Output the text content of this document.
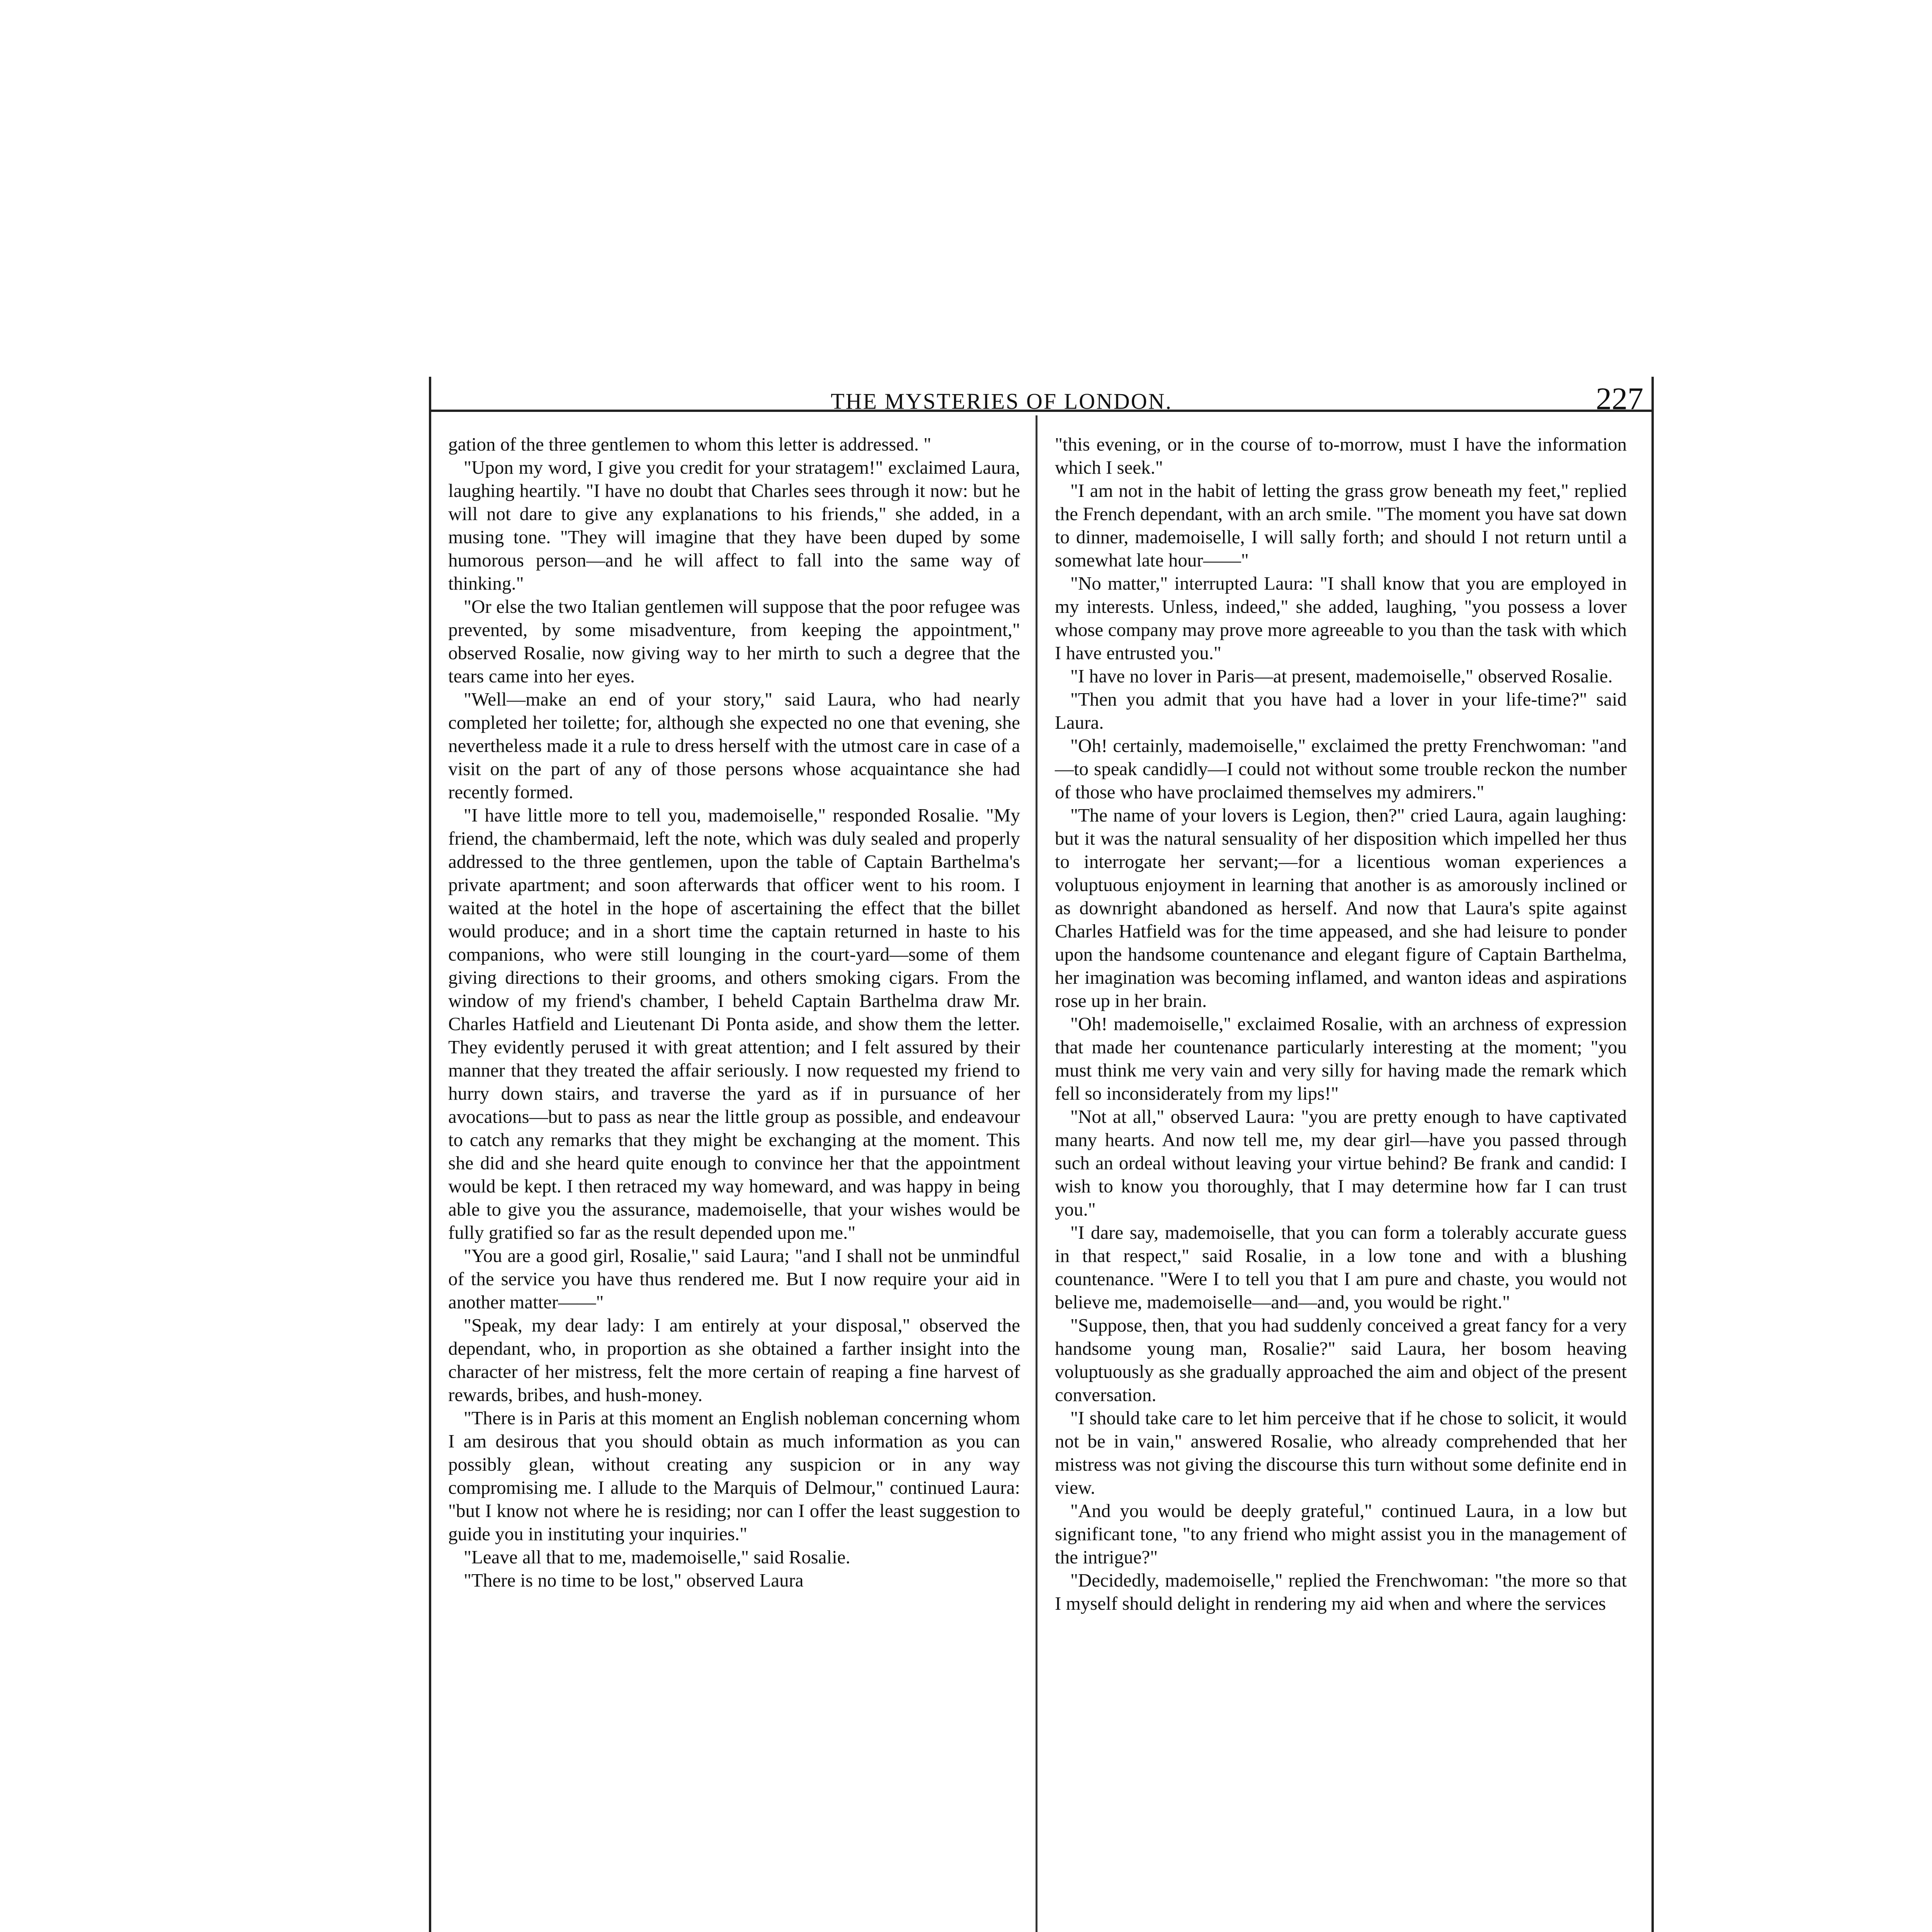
THE MYSTERIES OF LONDON.	227

gation of the three gentlemen to whom this letter is addressed. "

"Upon my word, I give you credit for your stratagem!" exclaimed Laura, laughing heartily. "I have no doubt that Charles sees through it now: but he will not dare to give any explanations to his friends," she added, in a musing tone. "They will imagine that they have been duped by some humorous person—and he will affect to fall into the same way of thinking."

"Or else the two Italian gentlemen will suppose that the poor refugee was prevented, by some misadventure, from keeping the appointment," observed Rosalie, now giving way to her mirth to such a degree that the tears came into her eyes.

"Well—make an end of your story," said Laura, who had nearly completed her toilette; for, although she expected no one that evening, she nevertheless made it a rule to dress herself with the utmost care in case of a visit on the part of any of those persons whose acquaintance she had recently formed.

"I have little more to tell you, mademoiselle," responded Rosalie. "My friend, the chambermaid, left the note, which was duly sealed and properly addressed to the three gentlemen, upon the table of Captain Barthelma's private apartment; and soon afterwards that officer went to his room. I waited at the hotel in the hope of ascertaining the effect that the billet would produce; and in a short time the captain returned in haste to his companions, who were still lounging in the court-yard—some of them giving directions to their grooms, and others smoking cigars. From the window of my friend's chamber, I beheld Captain Barthelma draw Mr. Charles Hatfield and Lieutenant Di Ponta aside, and show them the letter. They evidently perused it with great attention; and I felt assured by their manner that they treated the affair seriously. I now requested my friend to hurry down stairs, and traverse the yard as if in pursuance of her avocations—but to pass as near the little group as possible, and endeavour to catch any remarks that they might be exchanging at the moment. This she did and she heard quite enough to convince her that the appointment would be kept. I then retraced my way homeward, and was happy in being able to give you the assurance, mademoiselle, that your wishes would be fully gratified so far as the result depended upon me."

"You are a good girl, Rosalie," said Laura; "and I shall not be unmindful of the service you have thus rendered me. But I now require your aid in another matter——"

"Speak, my dear lady: I am entirely at your disposal," observed the dependant, who, in proportion as she obtained a farther insight into the character of her mistress, felt the more certain of reaping a fine harvest of rewards, bribes, and hush-money.

"There is in Paris at this moment an English nobleman concerning whom I am desirous that you should obtain as much information as you can possibly glean, without creating any suspicion or in any way compromising me. I allude to the Marquis of Delmour," continued Laura: "but I know not where he is residing; nor can I offer the least suggestion to guide you in instituting your inquiries."

"Leave all that to me, mademoiselle," said Rosalie.

"There is no time to be lost," observed Laura

"this evening, or in the course of to-morrow, must I have the information which I seek."

"I am not in the habit of letting the grass grow beneath my feet," replied the French dependant, with an arch smile. "The moment you have sat down to dinner, mademoiselle, I will sally forth; and should I not return until a somewhat late hour——"

"No matter," interrupted Laura: "I shall know that you are employed in my interests. Unless, indeed," she added, laughing, "you possess a lover whose company may prove more agreeable to you than the task with which I have entrusted you."

"I have no lover in Paris—at present, mademoiselle," observed Rosalie.

"Then you admit that you have had a lover in your life-time?" said Laura.

"Oh! certainly, mademoiselle," exclaimed the pretty Frenchwoman: "and—to speak candidly—I could not without some trouble reckon the number of those who have proclaimed themselves my admirers."

"The name of your lovers is Legion, then?" cried Laura, again laughing: but it was the natural sensuality of her disposition which impelled her thus to interrogate her servant;—for a licentious woman experiences a voluptuous enjoyment in learning that another is as amorously inclined or as downright abandoned as herself. And now that Laura's spite against Charles Hatfield was for the time appeased, and she had leisure to ponder upon the handsome countenance and elegant figure of Captain Barthelma, her imagination was becoming inflamed, and wanton ideas and aspirations rose up in her brain.

"Oh! mademoiselle," exclaimed Rosalie, with an archness of expression that made her countenance particularly interesting at the moment; "you must think me very vain and very silly for having made the remark which fell so inconsiderately from my lips!"

"Not at all," observed Laura: "you are pretty enough to have captivated many hearts. And now tell me, my dear girl—have you passed through such an ordeal without leaving your virtue behind? Be frank and candid: I wish to know you thoroughly, that I may determine how far I can trust you."

"I dare say, mademoiselle, that you can form a tolerably accurate guess in that respect," said Rosalie, in a low tone and with a blushing countenance. "Were I to tell you that I am pure and chaste, you would not believe me, mademoiselle—and—and, you would be right."

"Suppose, then, that you had suddenly conceived a great fancy for a very handsome young man, Rosalie?" said Laura, her bosom heaving voluptuously as she gradually approached the aim and object of the present conversation.

"I should take care to let him perceive that if he chose to solicit, it would not be in vain," answered Rosalie, who already comprehended that her mistress was not giving the discourse this turn without some definite end in view.

"And you would be deeply grateful," continued Laura, in a low but significant tone, "to any friend who might assist you in the management of the intrigue?"

"Decidedly, mademoiselle," replied the Frenchwoman: "the more so that I myself should delight in rendering my aid when and where the services
